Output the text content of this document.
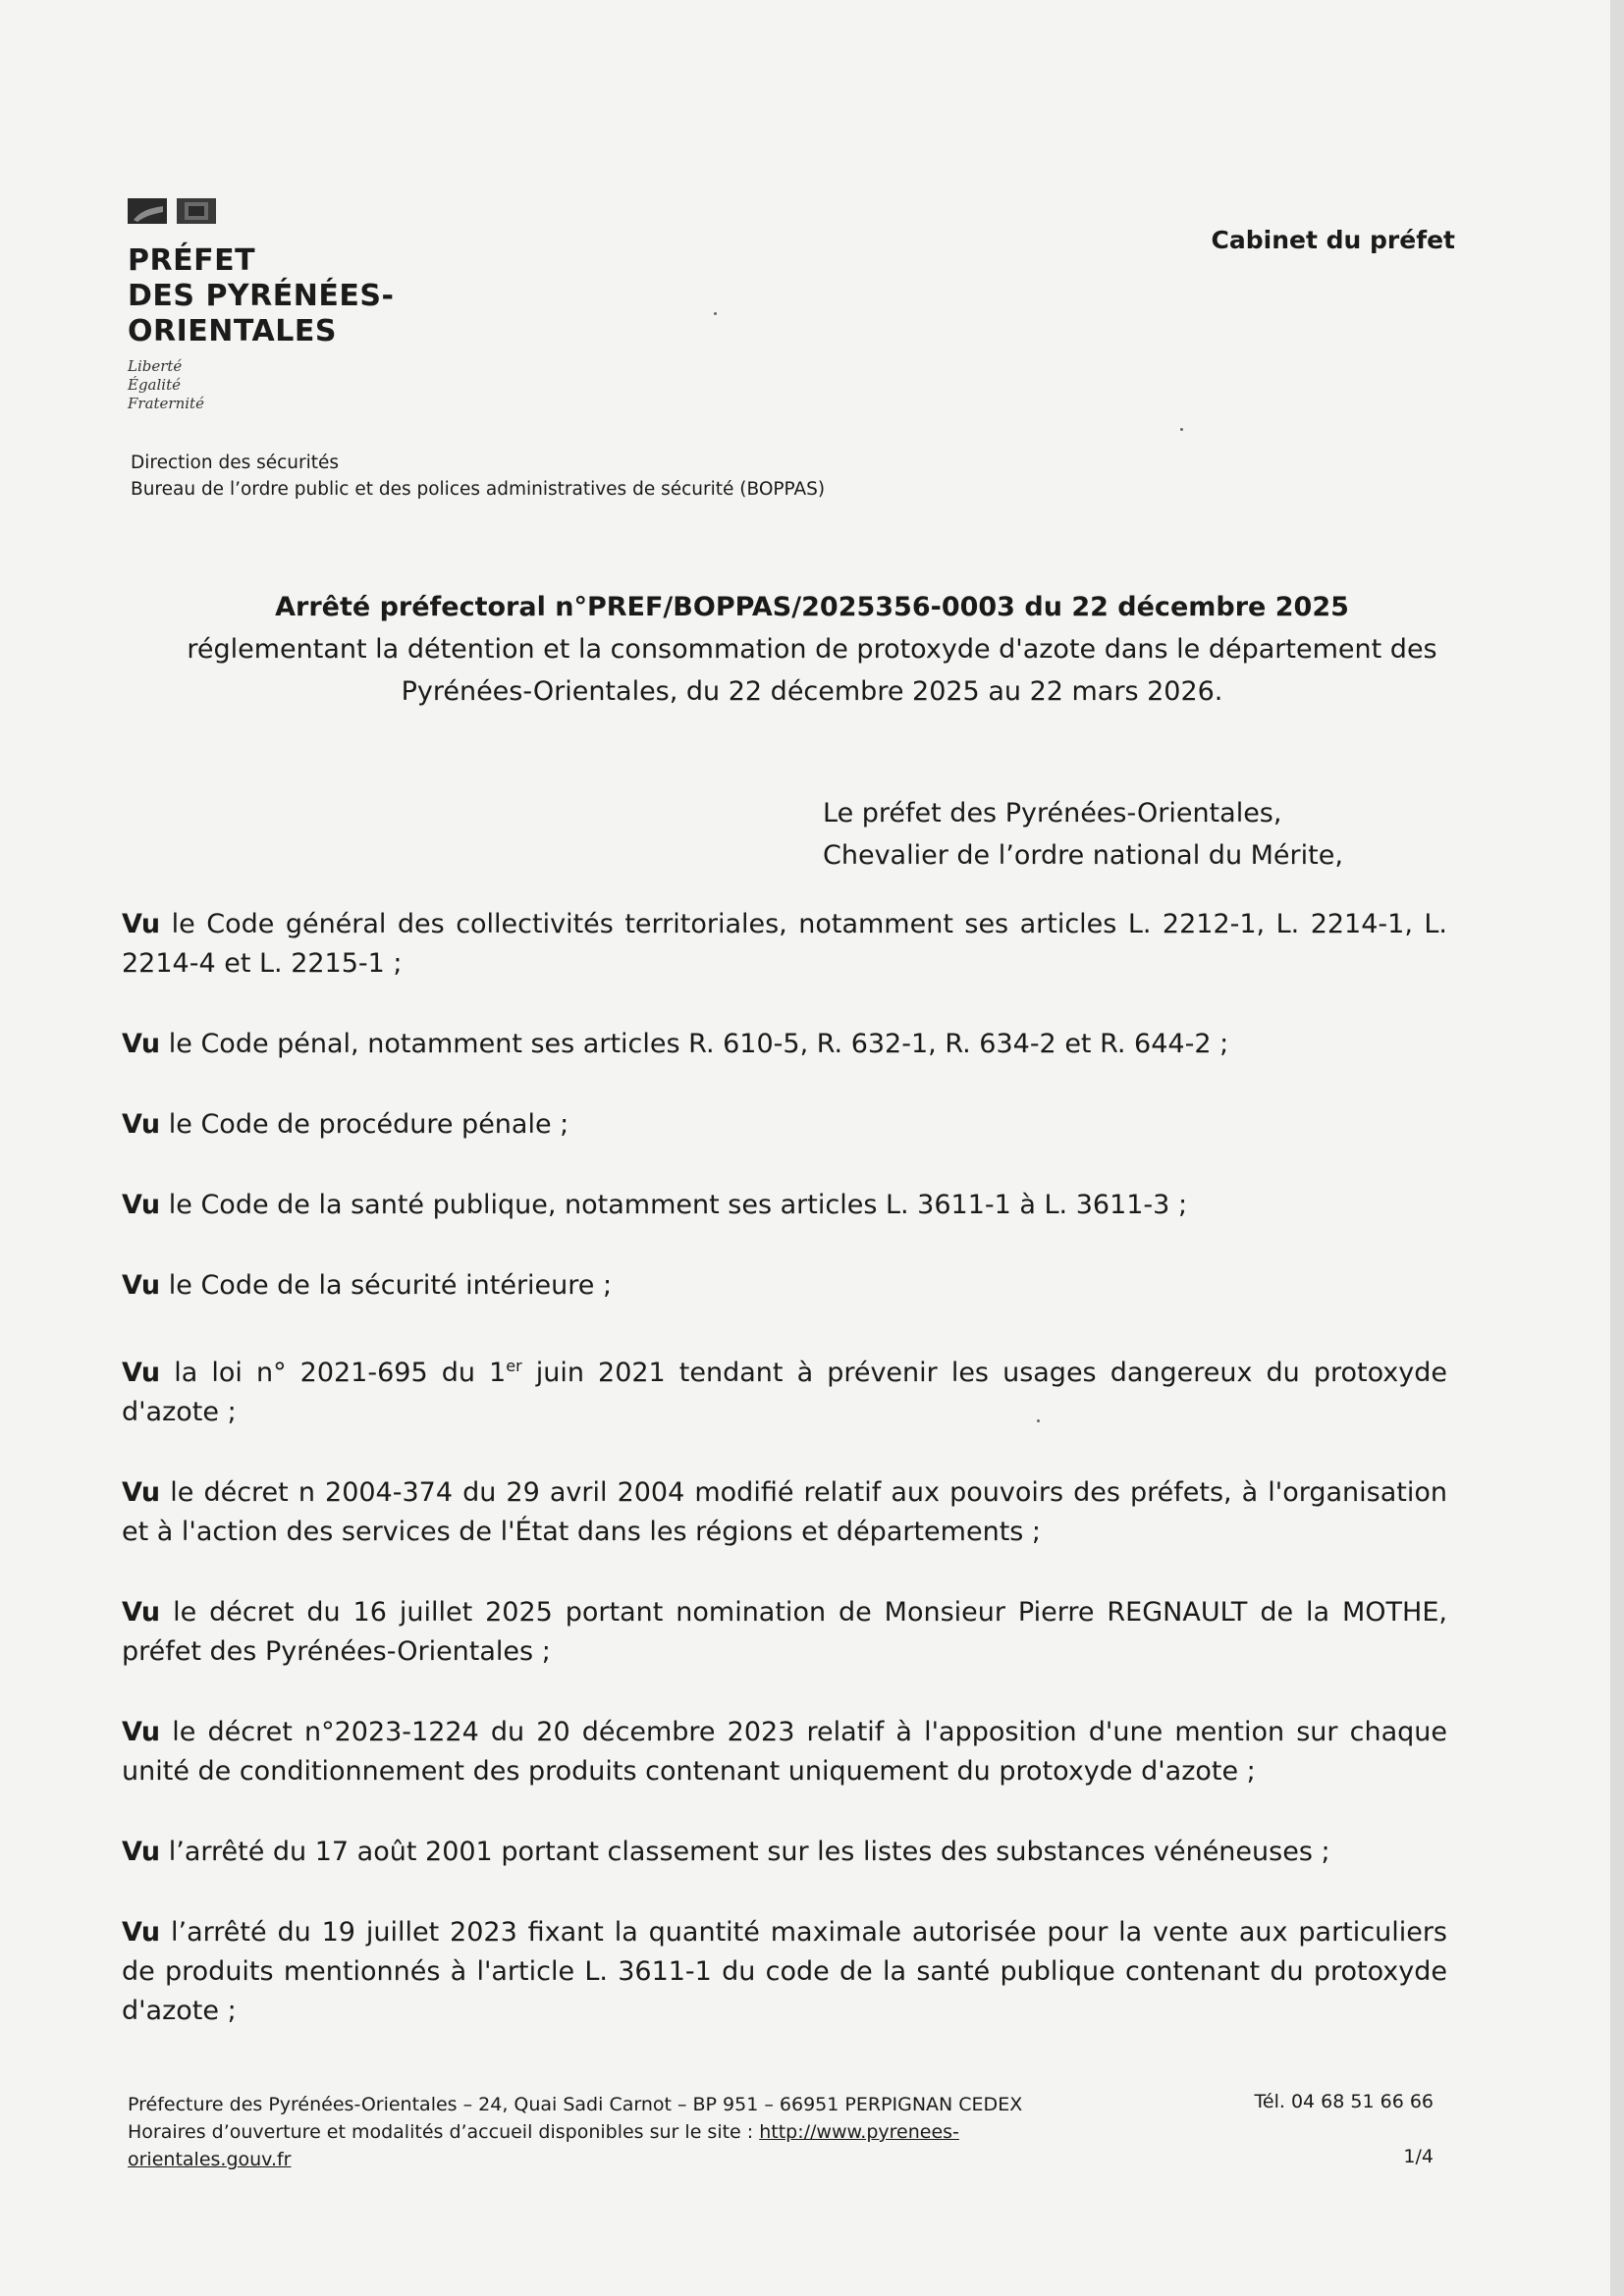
PRÉFET
DES PYRÉNÉES-
ORIENTALES
Liberté
Égalité
Fraternité
Cabinet du préfet
Direction des sécurités
Bureau de l’ordre public et des polices administratives de sécurité (BOPPAS)
Arrêté préfectoral n°PREF/BOPPAS/2025356-0003 du 22 décembre 2025
réglementant la détention et la consommation de protoxyde d'azote dans le département des Pyrénées-Orientales, du 22 décembre 2025 au 22 mars 2026.
Le préfet des Pyrénées-Orientales,
Chevalier de l’ordre national du Mérite,

Vu le Code général des collectivités territoriales, notamment ses articles L. 2212-1, L. 2214-1, L. 2214-4 et L. 2215-1 ;

Vu le Code pénal, notamment ses articles R. 610-5, R. 632-1, R. 634-2 et R. 644-2 ;

Vu le Code de procédure pénale ;

Vu le Code de la santé publique, notamment ses articles L. 3611-1 à L. 3611-3 ;

Vu le Code de la sécurité intérieure ;

Vu la loi n° 2021-695 du 1er juin 2021 tendant à prévenir les usages dangereux du protoxyde d'azote ;

Vu le décret n 2004-374 du 29 avril 2004 modifié relatif aux pouvoirs des préfets, à l'organisation et à l'action des services de l'État dans les régions et départements ;

Vu le décret du 16 juillet 2025 portant nomination de Monsieur Pierre REGNAULT de la MOTHE, préfet des Pyrénées-Orientales ;

Vu le décret n°2023-1224 du 20 décembre 2023 relatif à l'apposition d'une mention sur chaque unité de conditionnement des produits contenant uniquement du protoxyde d'azote ;

Vu l’arrêté du 17 août 2001 portant classement sur les listes des substances vénéneuses ;

Vu l’arrêté du 19 juillet 2023 fixant la quantité maximale autorisée pour la vente aux particuliers de produits mentionnés à l'article L. 3611-1 du code de la santé publique contenant du protoxyde d'azote ;

Préfecture des Pyrénées-Orientales – 24, Quai Sadi Carnot – BP 951 – 66951 PERPIGNAN CEDEX
Horaires d’ouverture et modalités d’accueil disponibles sur le site : http://www.pyrenees-orientales.gouv.fr
Tél. 04 68 51 66 66
1/4
